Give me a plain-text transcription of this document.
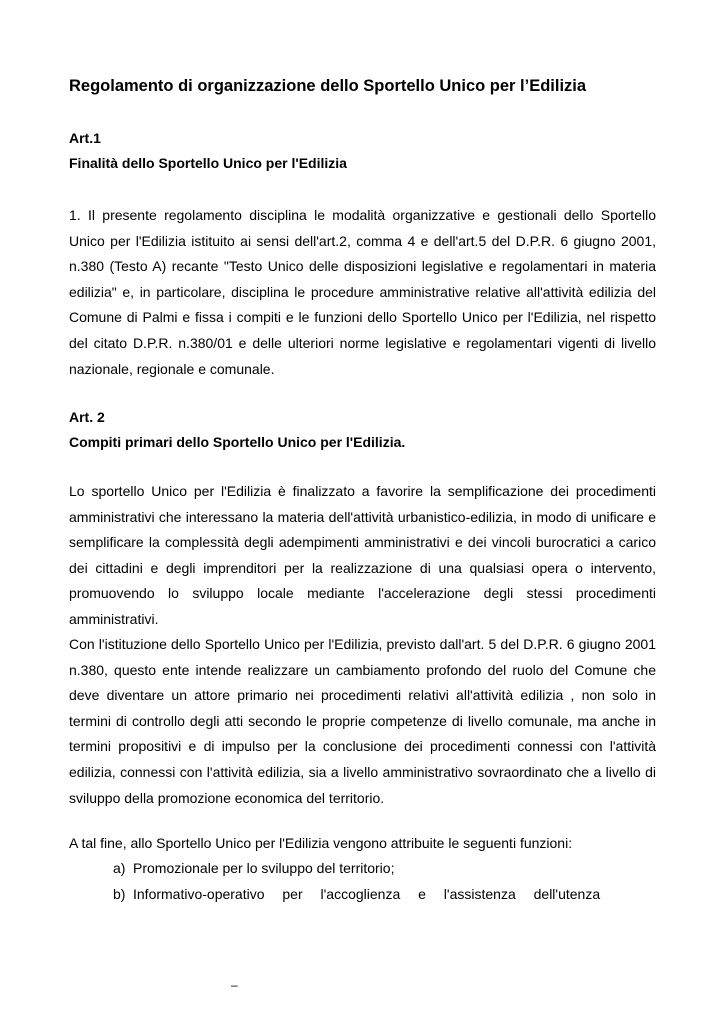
Regolamento di organizzazione dello Sportello Unico per l’Edilizia
Art.1
Finalità dello Sportello Unico per l'Edilizia

1. Il presente regolamento disciplina le modalità organizzative e gestionali dello Sportello Unico per l'Edilizia istituito ai sensi dell'art.2, comma 4 e dell'art.5 del D.P.R. 6 giugno 2001, n.380 (Testo A) recante "Testo Unico delle disposizioni legislative e regolamentari in materia edilizia" e, in particolare, disciplina le procedure amministrative relative all'attività edilizia del Comune di Palmi e fissa i compiti e le funzioni dello Sportello Unico per l'Edilizia, nel rispetto del citato D.P.R. n.380/01 e delle ulteriori norme legislative e regolamentari vigenti di livello nazionale, regionale e comunale.

Art. 2
Compiti primari dello Sportello Unico per l'Edilizia.

Lo sportello Unico per l'Edilizia è finalizzato a favorire la semplificazione dei procedimenti amministrativi che interessano la materia dell'attività urbanistico-edilizia, in modo di unificare e semplificare la complessità degli adempimenti amministrativi e dei vincoli burocratici a carico dei cittadini e degli imprenditori per la realizzazione di una qualsiasi opera o intervento, promuovendo lo sviluppo locale mediante l'accelerazione degli stessi procedimenti amministrativi.

Con l'istituzione dello Sportello Unico per l'Edilizia, previsto dall'art. 5 del D.P.R. 6 giugno 2001 n.380, questo ente intende realizzare un cambiamento profondo del ruolo del Comune che deve diventare un attore primario nei procedimenti relativi all'attività edilizia , non solo in termini di controllo degli atti secondo le proprie competenze di livello comunale, ma anche in termini propositivi e di impulso per la conclusione dei procedimenti connessi con l'attività edilizia, connessi con l'attività edilizia, sia a livello amministrativo sovraordinato che a livello di sviluppo della promozione economica del territorio.

A tal fine, allo Sportello Unico per l'Edilizia vengono attribuite le seguenti funzioni:

a) Promozionale per lo sviluppo del territorio;
b) Informativo-operativo per l'accoglienza e l'assistenza dell'utenza
–
